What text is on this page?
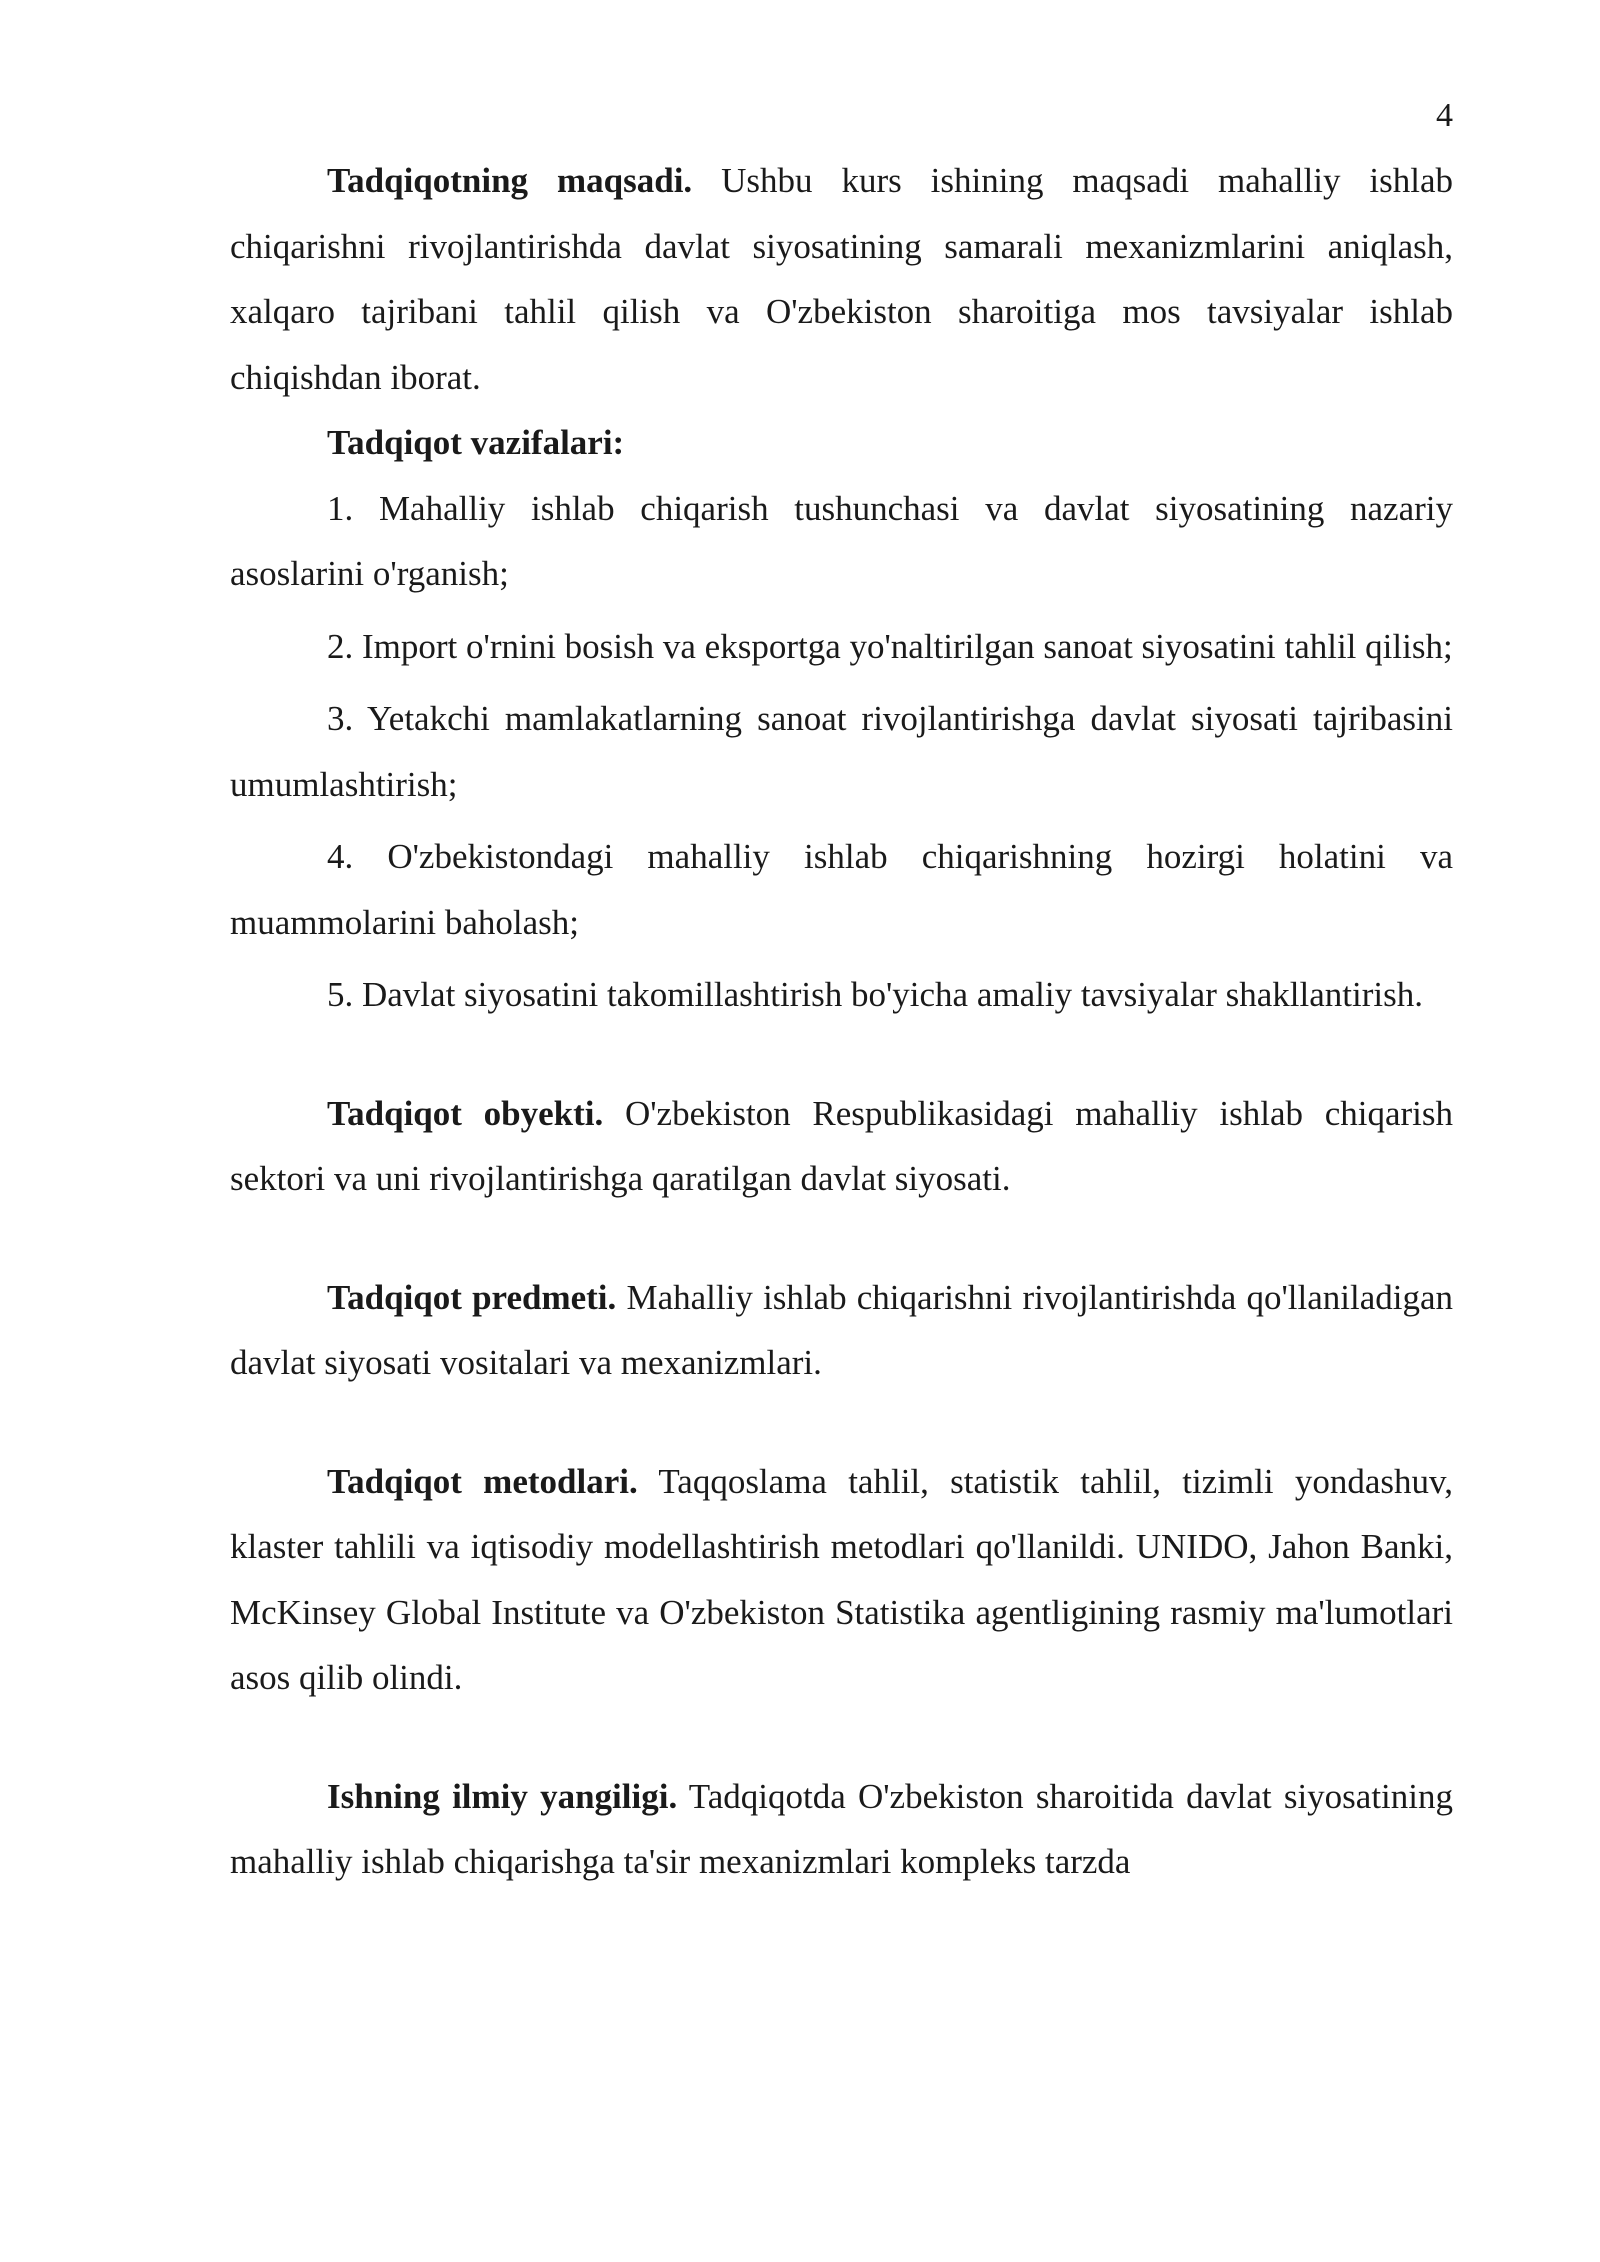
4

Tadqiqotning maqsadi. Ushbu kurs ishining maqsadi mahalliy ishlab chiqarishni rivojlantirishda davlat siyosatining samarali mexanizmlarini aniqlash, xalqaro tajribani tahlil qilish va O'zbekiston sharoitiga mos tavsiyalar ishlab chiqishdan iborat.

Tadqiqot vazifalari:

1. Mahalliy ishlab chiqarish tushunchasi va davlat siyosatining nazariy asoslarini o'rganish;

2. Import o'rnini bosish va eksportga yo'naltirilgan sanoat siyosatini tahlil qilish;

3. Yetakchi mamlakatlarning sanoat rivojlantirishga davlat siyosati tajribasini umumlashtirish;

4. O'zbekistondagi mahalliy ishlab chiqarishning hozirgi holatini va muammolarini baholash;

5. Davlat siyosatini takomillashtirish bo'yicha amaliy tavsiyalar shakllantirish.

Tadqiqot obyekti. O'zbekiston Respublikasidagi mahalliy ishlab chiqarish sektori va uni rivojlantirishga qaratilgan davlat siyosati.

Tadqiqot predmeti. Mahalliy ishlab chiqarishni rivojlantirishda qo'llaniladigan davlat siyosati vositalari va mexanizmlari.

Tadqiqot metodlari. Taqqoslama tahlil, statistik tahlil, tizimli yondashuv, klaster tahlili va iqtisodiy modellashtirish metodlari qo'llanildi. UNIDO, Jahon Banki, McKinsey Global Institute va O'zbekiston Statistika agentligining rasmiy ma'lumotlari asos qilib olindi.

Ishning ilmiy yangiligi. Tadqiqotda O'zbekiston sharoitida davlat siyosatining mahalliy ishlab chiqarishga ta'sir mexanizmlari kompleks tarzda
